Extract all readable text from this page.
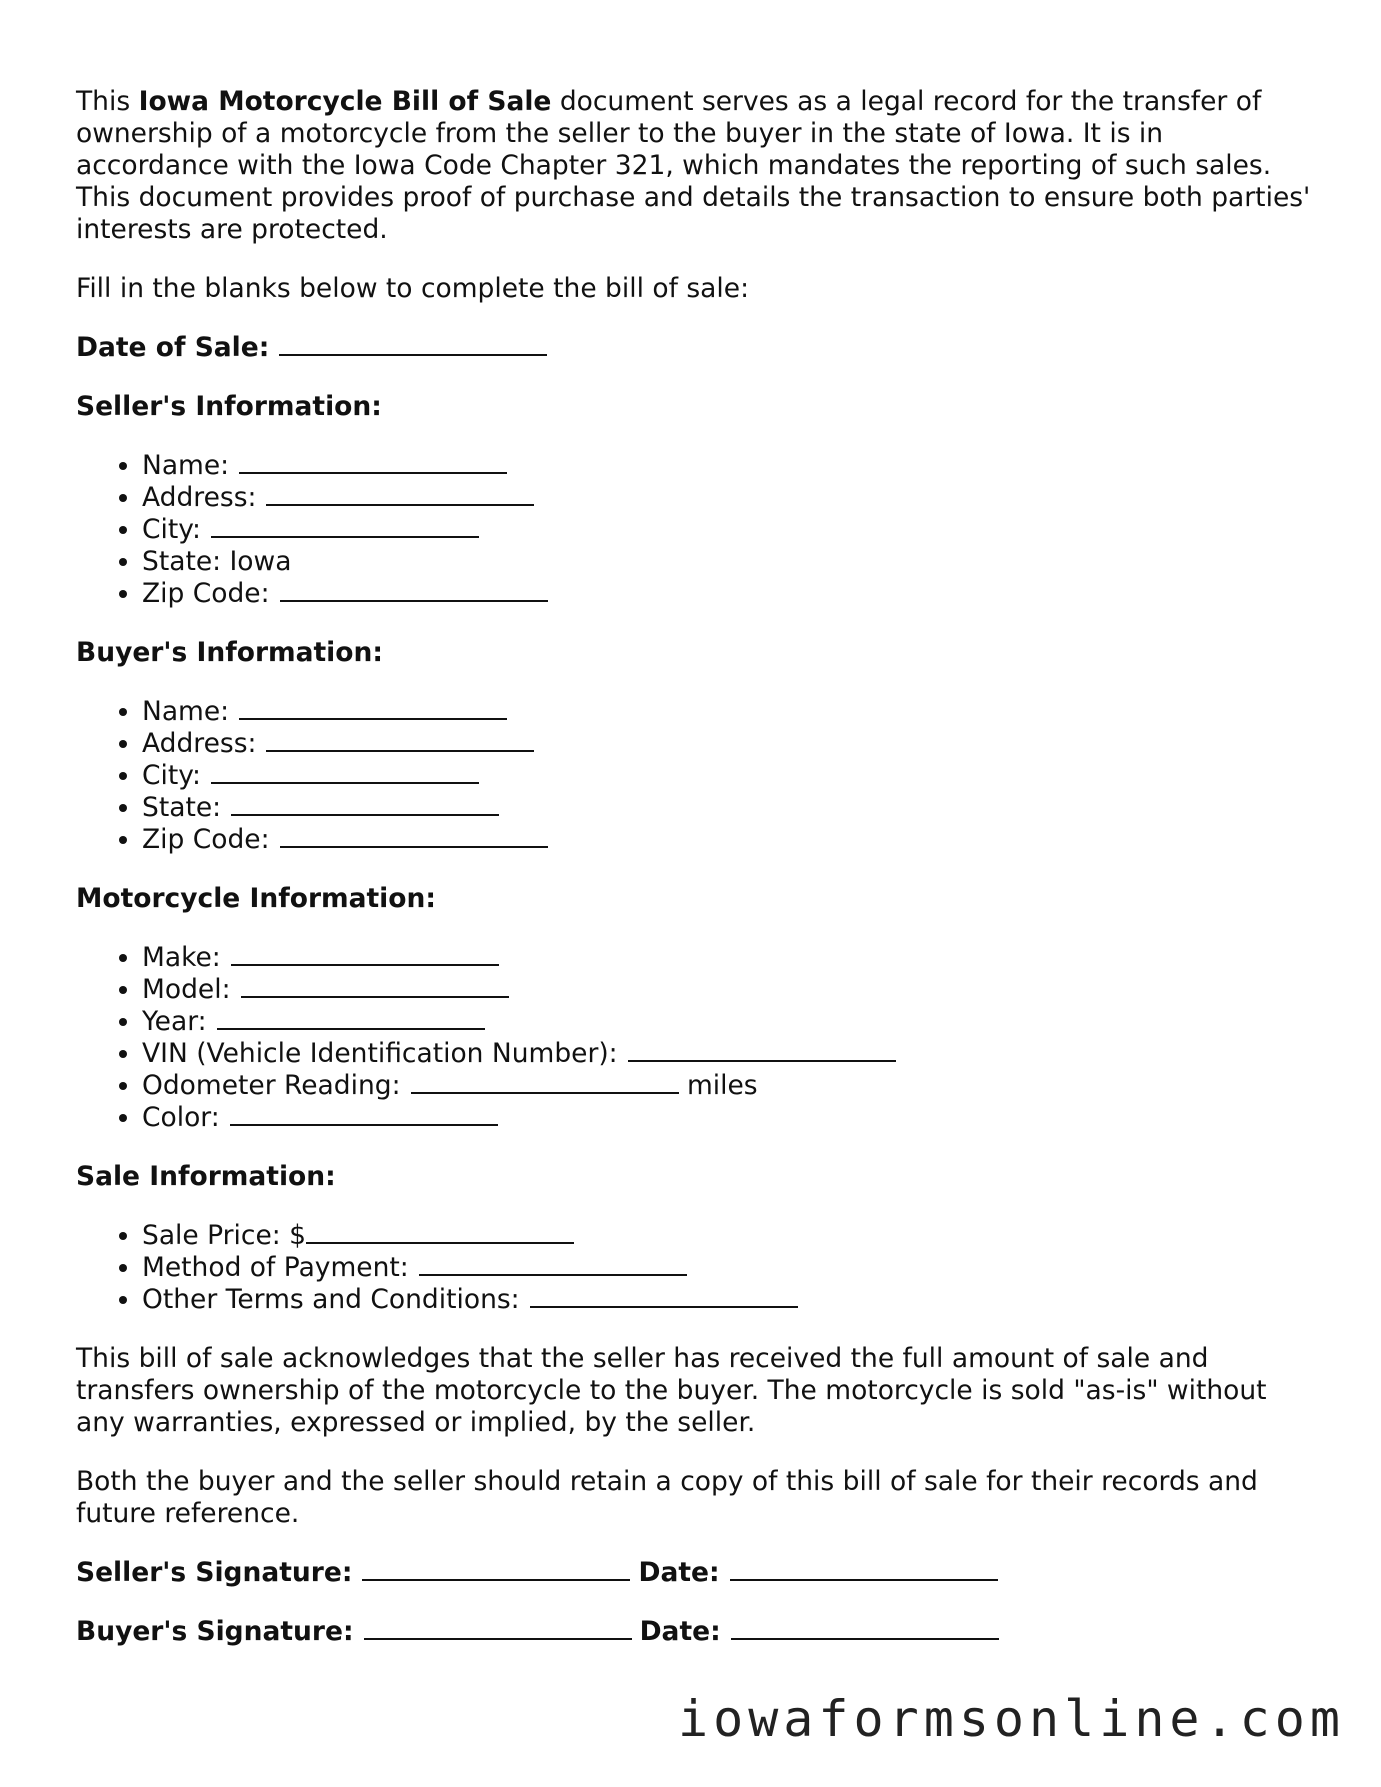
This Iowa Motorcycle Bill of Sale document serves as a legal record for the transfer of ownership of a motorcycle from the seller to the buyer in the state of Iowa. It is in accordance with the Iowa Code Chapter 321, which mandates the reporting of such sales. This document provides proof of purchase and details the transaction to ensure both parties' interests are protected.

Fill in the blanks below to complete the bill of sale:

Date of Sale:

Seller's Information:

• Name:
• Address:
• City:
• State: Iowa
• Zip Code:

Buyer's Information:

• Name:
• Address:
• City:
• State:
• Zip Code:

Motorcycle Information:

• Make:
• Model:
• Year:
• VIN (Vehicle Identification Number):
• Odometer Reading:	miles
• Color:

Sale Information:

• Sale Price: $
• Method of Payment:
• Other Terms and Conditions:

This bill of sale acknowledges that the seller has received the full amount of sale and transfers ownership of the motorcycle to the buyer. The motorcycle is sold "as-is" without any warranties, expressed or implied, by the seller.

Both the buyer and the seller should retain a copy of this bill of sale for their records and future reference.

Seller's Signature:	Date:

Buyer's Signature:	Date:

iowaformsonline.com
